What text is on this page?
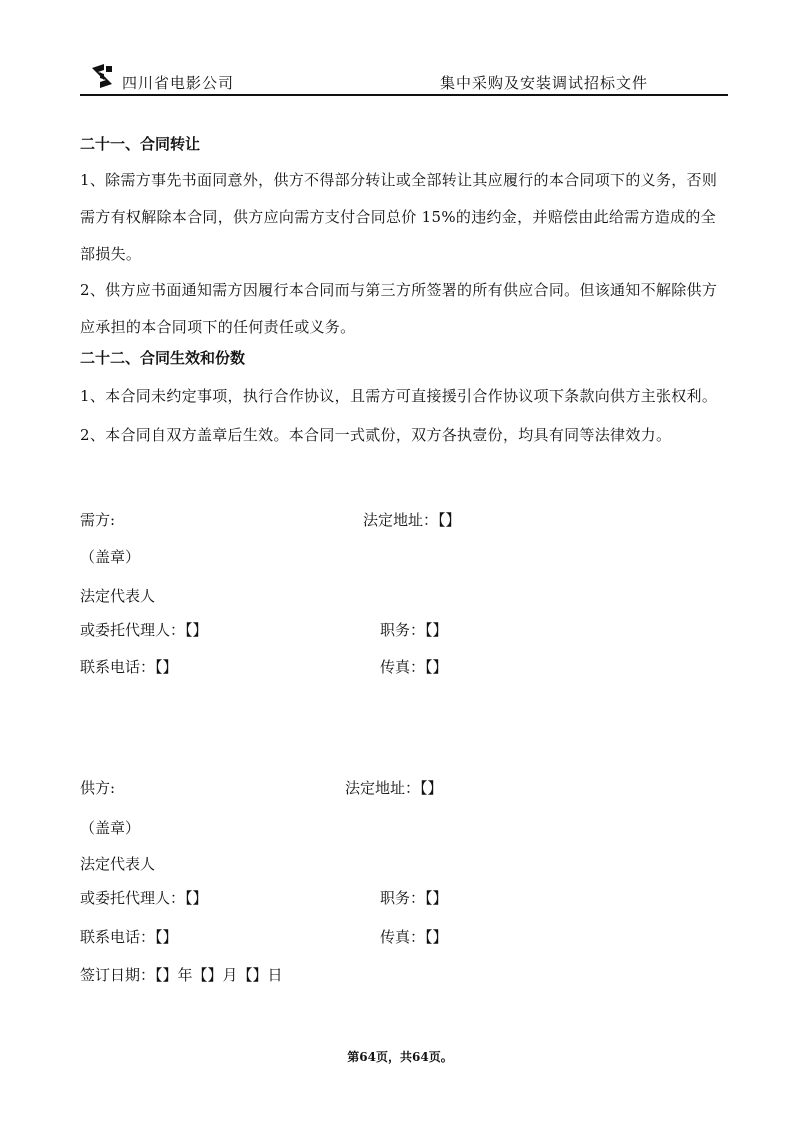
四川省电影公司	集中采购及安装调试招标文件
二十一、合同转让

1、除需方事先书面同意外，供方不得部分转让或全部转让其应履行的本合同项下的义务，否则需方有权解除本合同，供方应向需方支付合同总价 15%的违约金，并赔偿由此给需方造成的全部损失。

2、供方应书面通知需方因履行本合同而与第三方所签署的所有供应合同。但该通知不解除供方应承担的本合同项下的任何责任或义务。

二十二、合同生效和份数

1、本合同未约定事项，执行合作协议，且需方可直接援引合作协议项下条款向供方主张权利。

2、本合同自双方盖章后生效。本合同一式贰份，双方各执壹份，均具有同等法律效力。

需方:	法定地址：【】
（盖章）
法定代表人
或委托代理人：【】	职务：【】
联系电话：【】	传真：【】
供方:	法定地址：【】
（盖章）
法定代表人
或委托代理人：【】	职务：【】
联系电话：【】	传真：【】
签订日期：【】年【】月【】日
第64页，共64页。
